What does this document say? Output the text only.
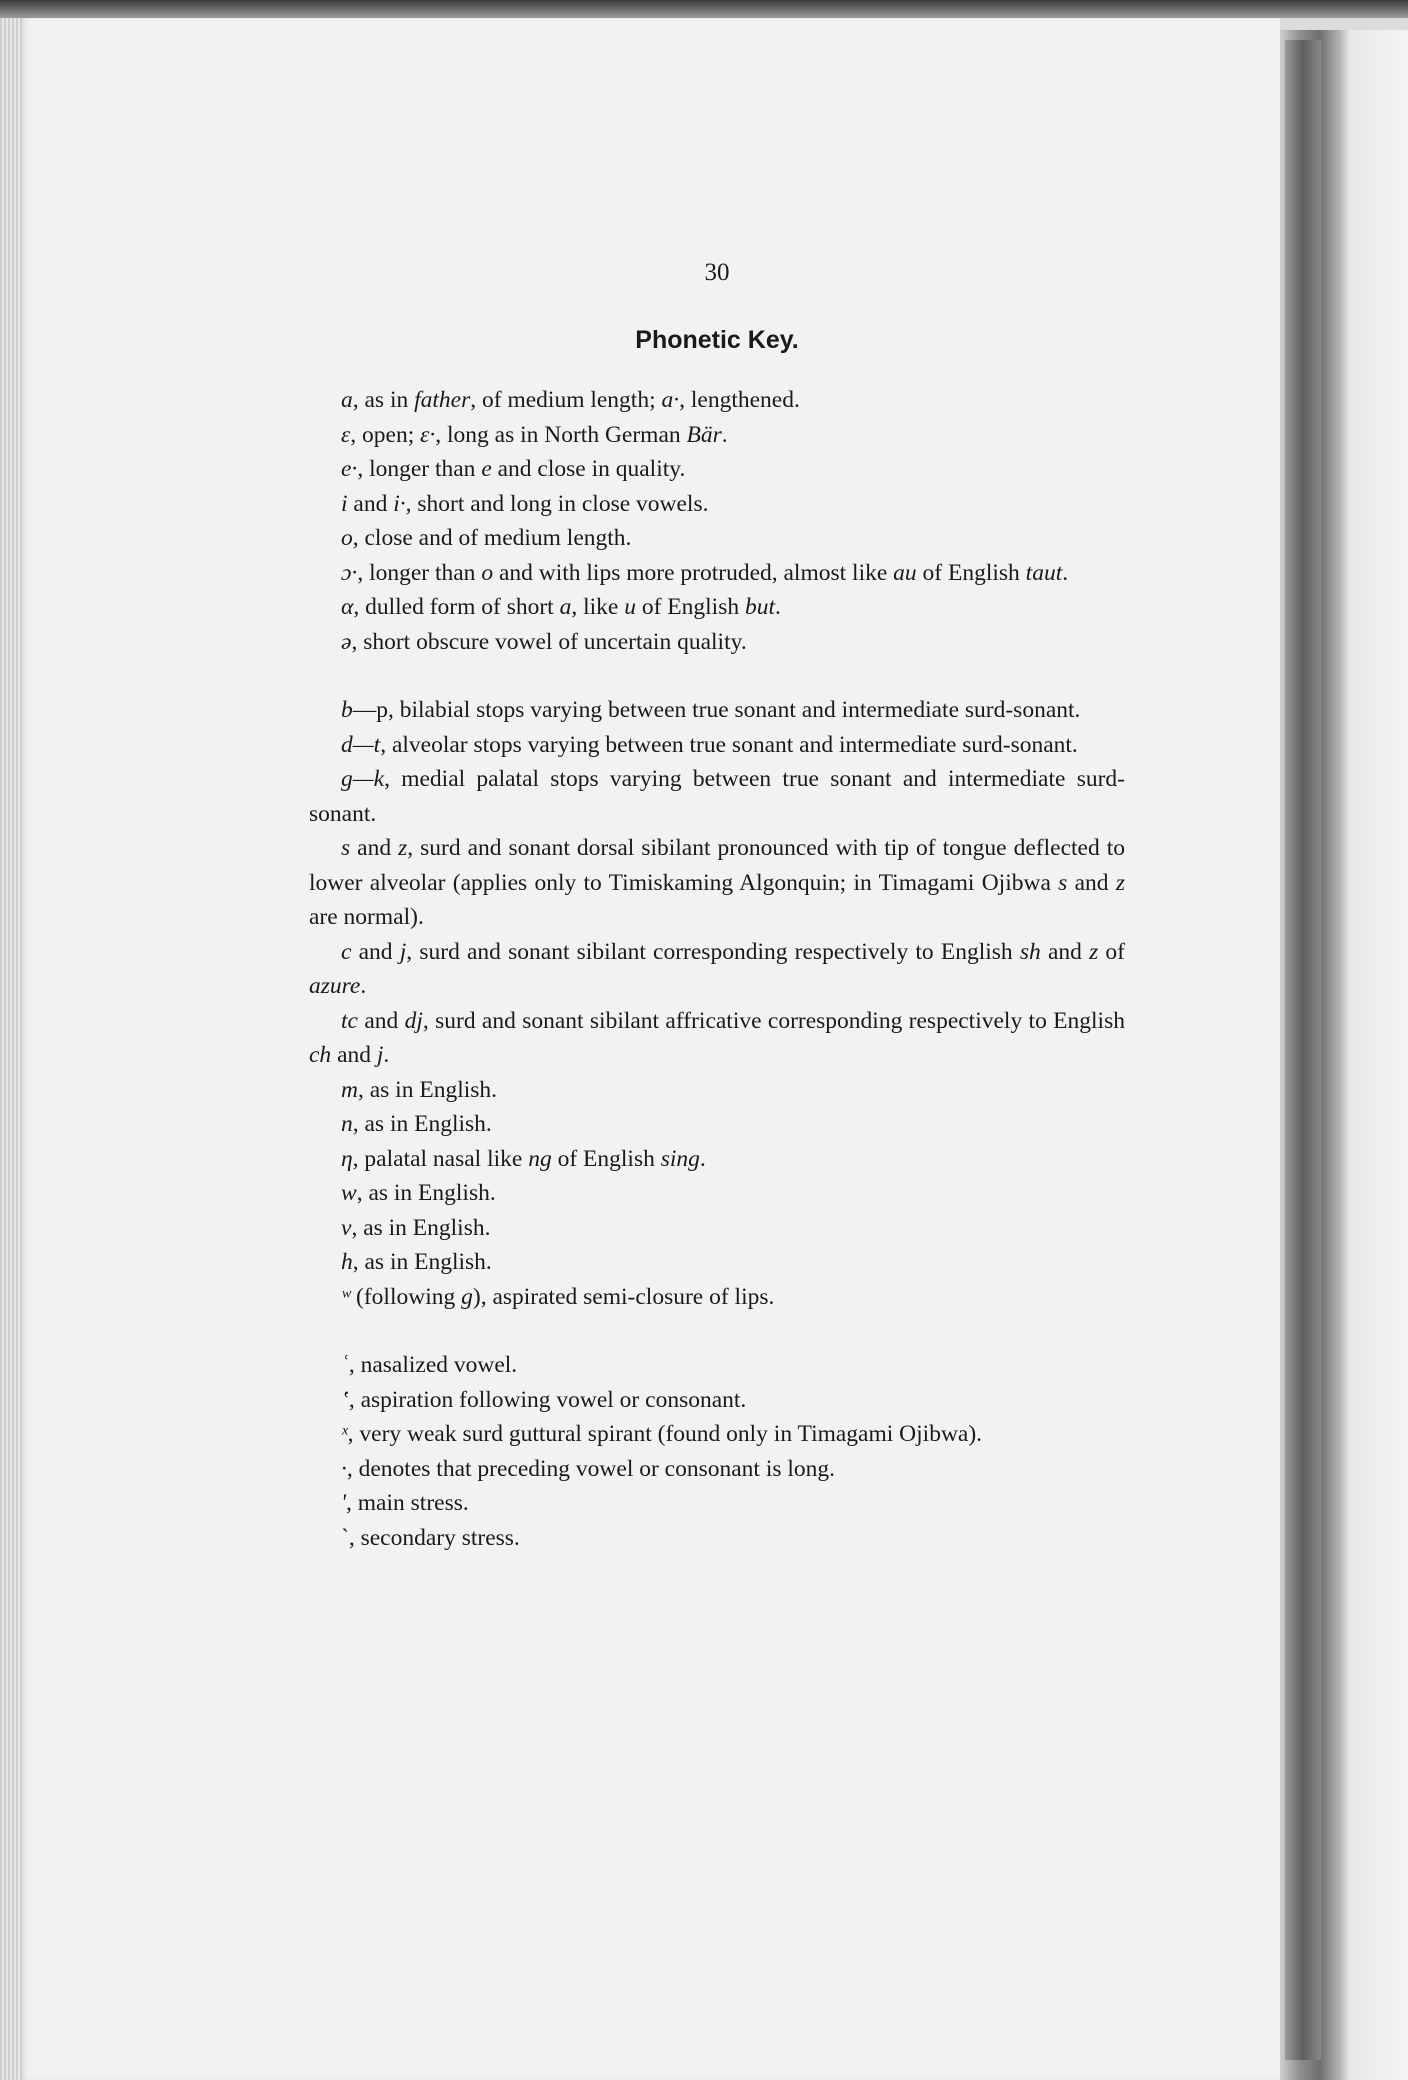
30
Phonetic Key.

a, as in father, of medium length; a·, lengthened.

ɛ, open; ɛ·, long as in North German Bär.

e·, longer than e and close in quality.

i and i·, short and long in close vowels.

o, close and of medium length.

ɔ·, longer than o and with lips more protruded, almost like au of English taut.

α, dulled form of short a, like u of English but.

ə, short obscure vowel of uncertain quality.

b—p, bilabial stops varying between true sonant and intermediate surd-sonant.

d—t, alveolar stops varying between true sonant and intermediate surd-sonant.

g—k, medial palatal stops varying between true sonant and intermediate surd-sonant.

s and z, surd and sonant dorsal sibilant pronounced with tip of tongue deflected to lower alveolar (applies only to Timiskaming Algonquin; in Timagami Ojibwa s and z are normal).

c and j, surd and sonant sibilant corresponding respectively to English sh and z of azure.

tc and dj, surd and sonant sibilant affricative corresponding respectively to English ch and j.

m, as in English.

n, as in English.

η, palatal nasal like ng of English sing.

w, as in English.

v, as in English.

h, as in English.

ʷ (following g), aspirated semi-closure of lips.

ʿ, nasalized vowel.

ʽ, aspiration following vowel or consonant.

ˣ, very weak surd guttural spirant (found only in Timagami Ojibwa).

·, denotes that preceding vowel or consonant is long.

ʹ, main stress.

ˋ, secondary stress.
